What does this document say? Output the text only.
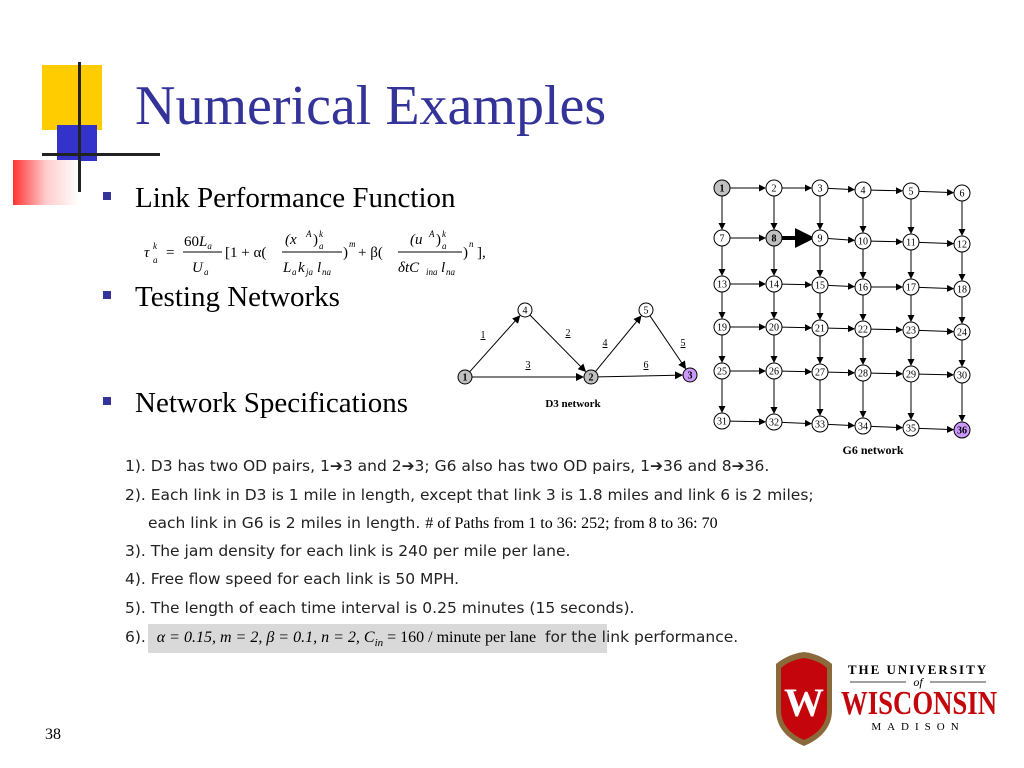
Numerical Examples
Link Performance Function
τ k
a =
$60L_a$
U a
[1 + α(
(x A ) k
a
L a k ja l na
)
m
+ β(
(u A ) k
a
δtC ina l na
)
n
],
Testing Networks
Network Specifications
1	2
3
4	5
6
1	2	3
4	5
D3 network
1	2	3	4	5	6
7	8	9	10	11	12
13	14	15	16	17	18
19	20	21	22	23	24
25	26	27	28	29	30
31	32	33	34	35	36
G6 network
1). D3 has two OD pairs, 1➔3 and 2➔3; G6 also has two OD pairs, 1➔36 and 8➔36.
2). Each link in D3 is 1 mile in length, except that link 3 is 1.8 miles and link 6 is 2 miles;
each link in G6 is 2 miles in length. # of Paths from 1 to 36: 252; from 8 to 36: 70
3). The jam density for each link is 240 per mile per lane.
4). Free flow speed for each link is 50 MPH.
5). The length of each time interval is 0.25 minutes (15 seconds).
6). α = 0.15, m = 2, β = 0.1, n = 2, $C_{in} = 160$ / minute per lane for the link performance.
W
THE UNIVERSITY
of
WISCONSIN
MADISON
38
